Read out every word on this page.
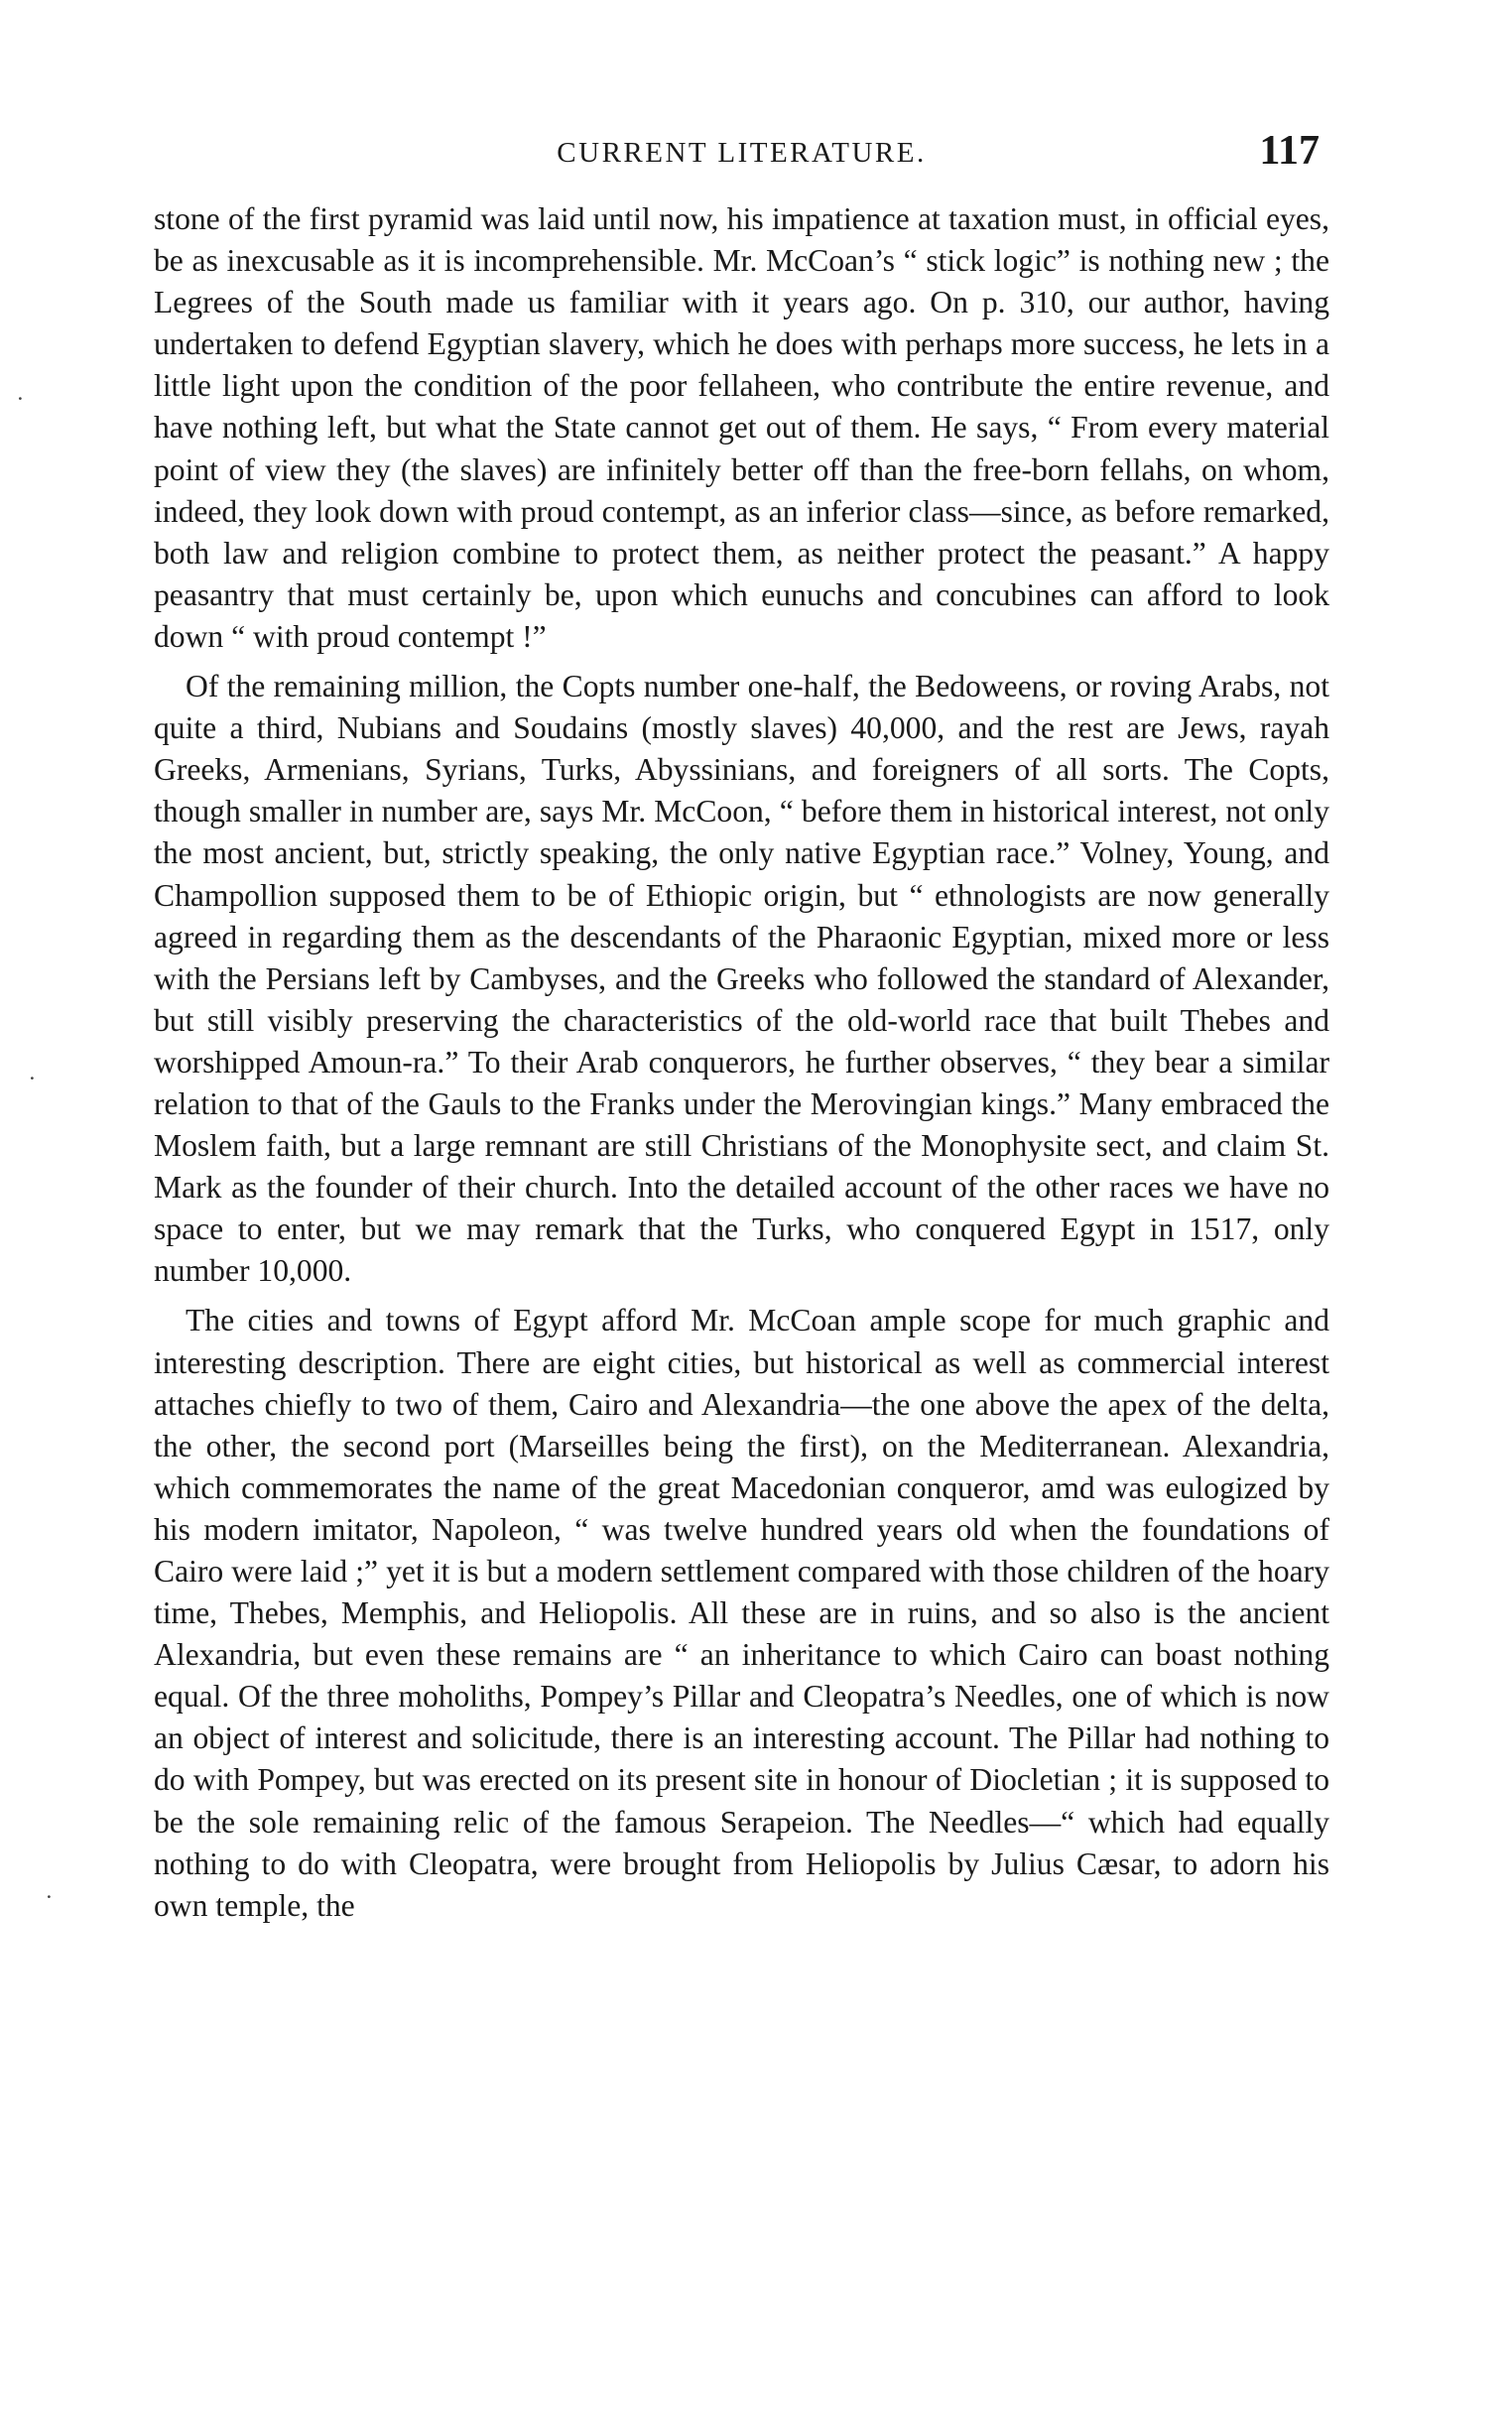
CURRENT LITERATURE.	117

stone of the first pyramid was laid until now, his impatience at taxation must, in official eyes, be as inexcusable as it is incomprehensible. Mr. McCoan’s “ stick logic” is nothing new ; the Legrees of the South made us familiar with it years ago. On p. 310, our author, having undertaken to defend Egyptian slavery, which he does with perhaps more success, he lets in a little light upon the condition of the poor fellaheen, who contribute the entire revenue, and have nothing left, but what the State cannot get out of them. He says, “ From every material point of view they (the slaves) are infinitely better off than the free-born fellahs, on whom, indeed, they look down with proud contempt, as an inferior class—since, as before remarked, both law and religion combine to protect them, as neither protect the peasant.” A happy peasantry that must certainly be, upon which eunuchs and concubines can afford to look down “ with proud contempt !”

Of the remaining million, the Copts number one-half, the Bedoweens, or roving Arabs, not quite a third, Nubians and Soudains (mostly slaves) 40,000, and the rest are Jews, rayah Greeks, Armenians, Syrians, Turks, Abyssinians, and foreigners of all sorts. The Copts, though smaller in number are, says Mr. McCoon, “ before them in historical interest, not only the most ancient, but, strictly speaking, the only native Egyptian race.” Volney, Young, and Champollion supposed them to be of Ethiopic origin, but “ ethnologists are now generally agreed in regarding them as the descendants of the Pharaonic Egyptian, mixed more or less with the Persians left by Cambyses, and the Greeks who followed the standard of Alexander, but still visibly preserving the characteristics of the old-world race that built Thebes and worshipped Amoun-ra.” To their Arab conquerors, he further observes, “ they bear a similar relation to that of the Gauls to the Franks under the Merovingian kings.” Many embraced the Moslem faith, but a large remnant are still Christians of the Monophysite sect, and claim St. Mark as the founder of their church. Into the detailed account of the other races we have no space to enter, but we may remark that the Turks, who conquered Egypt in 1517, only number 10,000.

The cities and towns of Egypt afford Mr. McCoan ample scope for much graphic and interesting description. There are eight cities, but historical as well as commercial interest attaches chiefly to two of them, Cairo and Alexandria—the one above the apex of the delta, the other, the second port (Marseilles being the first), on the Mediterranean. Alexandria, which commemorates the name of the great Macedonian conqueror, amd was eulogized by his modern imitator, Napoleon, “ was twelve hundred years old when the foundations of Cairo were laid ;” yet it is but a modern settlement compared with those children of the hoary time, Thebes, Memphis, and Heliopolis. All these are in ruins, and so also is the ancient Alexandria, but even these remains are “ an inheritance to which Cairo can boast nothing equal. Of the three moholiths, Pompey’s Pillar and Cleopatra’s Needles, one of which is now an object of interest and solicitude, there is an interesting account. The Pillar had nothing to do with Pompey, but was erected on its present site in honour of Diocletian ; it is supposed to be the sole remaining relic of the famous Serapeion. The Needles—“ which had equally nothing to do with Cleopatra, were brought from Heliopolis by Julius Cæsar, to adorn his own temple, the

˙
˙
˙
